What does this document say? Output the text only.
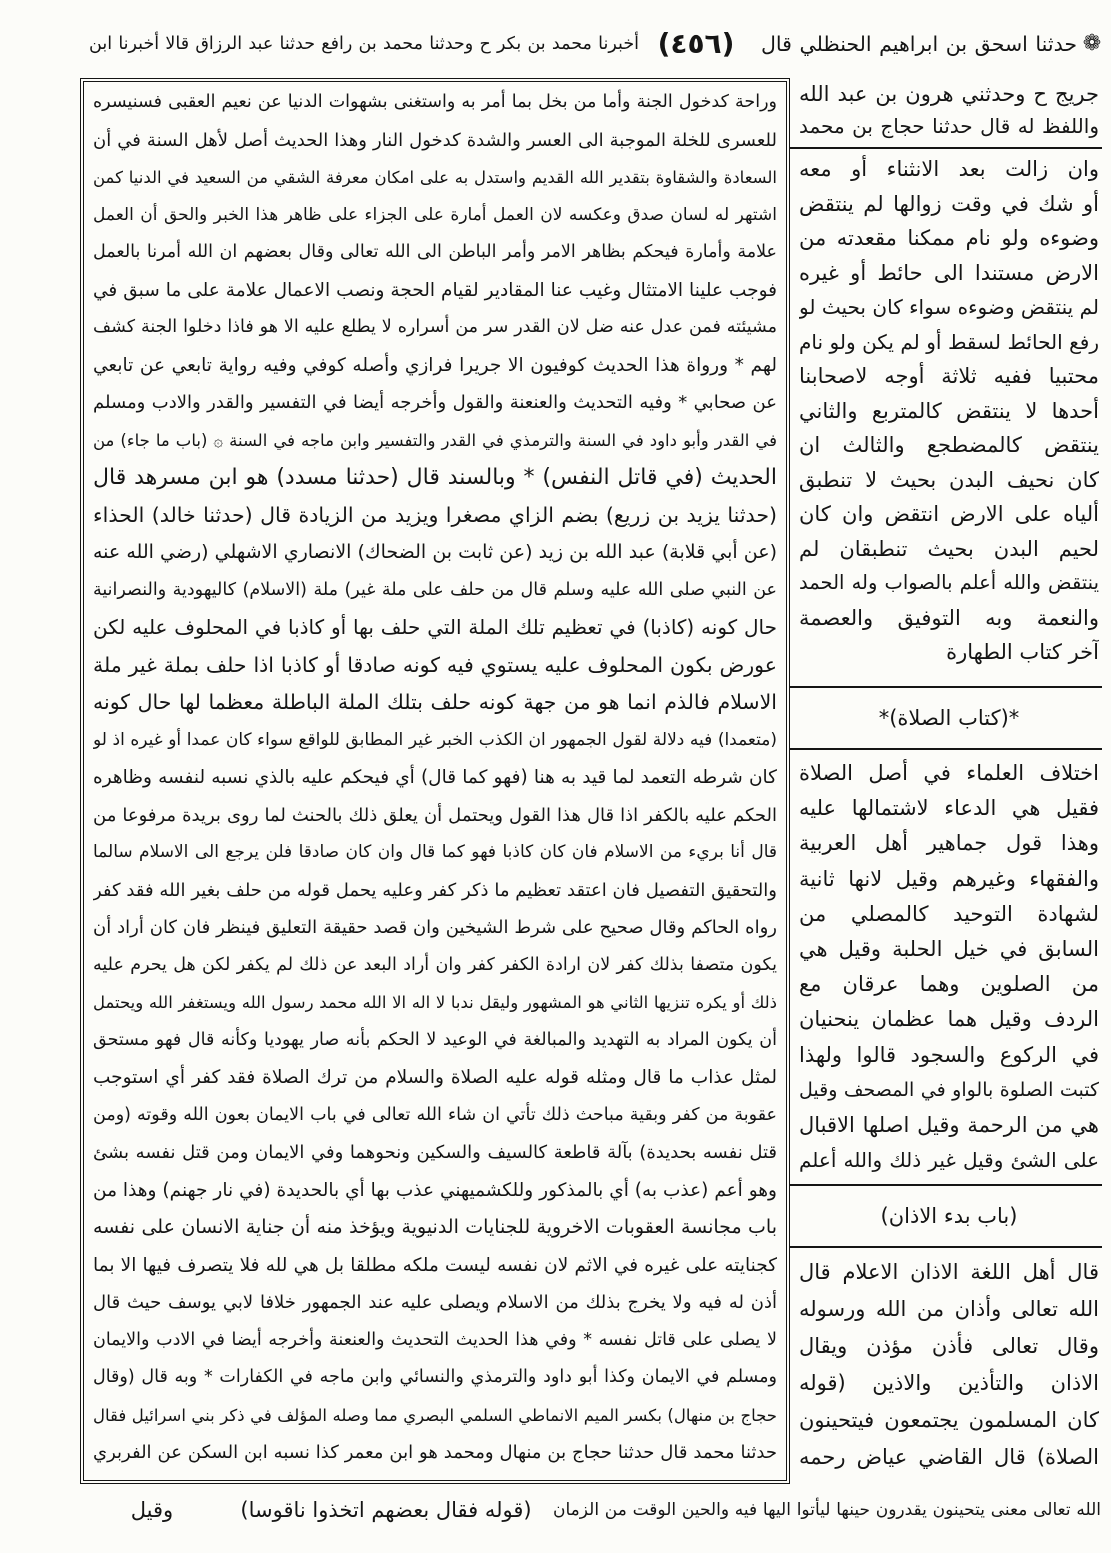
❁
حدثنا اسحق بن ابراهيم الحنظلي قال
(٤٥٦)
أخبرنا محمد بن بكر ح وحدثنا محمد بن رافع حدثنا عبد الرزاق قالا أخبرنا ابن
وراحة كدخول الجنة وأما من بخل بما أمر به واستغنى بشهوات الدنيا عن نعيم العقبى فسنيسره
للعسرى للخلة الموجبة الى العسر والشدة كدخول النار وهذا الحديث أصل لأهل السنة في أن
السعادة والشقاوة بتقدير الله القديم واستدل به على امكان معرفة الشقي من السعيد في الدنيا كمن
اشتهر له لسان صدق وعكسه لان العمل أمارة على الجزاء على ظاهر هذا الخبر والحق أن العمل
علامة وأمارة فيحكم بظاهر الامر وأمر الباطن الى الله تعالى وقال بعضهم ان الله أمرنا بالعمل
فوجب علينا الامتثال وغيب عنا المقادير لقيام الحجة ونصب الاعمال علامة على ما سبق في
مشيئته فمن عدل عنه ضل لان القدر سر من أسراره لا يطلع عليه الا هو فاذا دخلوا الجنة كشف
لهم * ورواة هذا الحديث كوفيون الا جريرا فرازي وأصله كوفي وفيه رواية تابعي عن تابعي
عن صحابي * وفيه التحديث والعنعنة والقول وأخرجه أيضا في التفسير والقدر والادب ومسلم
في القدر وأبو داود في السنة والترمذي في القدر والتفسير وابن ماجه في السنة ۞ (باب ما جاء) من
الحديث (في قاتل النفس) * وبالسند قال (حدثنا مسدد) هو ابن مسرهد قال
(حدثنا يزيد بن زريع) بضم الزاي مصغرا ويزيد من الزيادة قال (حدثنا خالد) الحذاء
(عن أبي قلابة) عبد الله بن زيد (عن ثابت بن الضحاك) الانصاري الاشهلي (رضي الله عنه
عن النبي صلى الله عليه وسلم قال من حلف على ملة غير) ملة (الاسلام) كاليهودية والنصرانية
حال كونه (كاذبا) في تعظيم تلك الملة التي حلف بها أو كاذبا في المحلوف عليه لكن
عورض بكون المحلوف عليه يستوي فيه كونه صادقا أو كاذبا اذا حلف بملة غير ملة
الاسلام فالذم انما هو من جهة كونه حلف بتلك الملة الباطلة معظما لها حال كونه
(متعمدا) فيه دلالة لقول الجمهور ان الكذب الخبر غير المطابق للواقع سواء كان عمدا أو غيره اذ لو
كان شرطه التعمد لما قيد به هنا (فهو كما قال) أي فيحكم عليه بالذي نسبه لنفسه وظاهره
الحكم عليه بالكفر اذا قال هذا القول ويحتمل أن يعلق ذلك بالحنث لما روى بريدة مرفوعا من
قال أنا بريء من الاسلام فان كان كاذبا فهو كما قال وان كان صادقا فلن يرجع الى الاسلام سالما
والتحقيق التفصيل فان اعتقد تعظيم ما ذكر كفر وعليه يحمل قوله من حلف بغير الله فقد كفر
رواه الحاكم وقال صحيح على شرط الشيخين وان قصد حقيقة التعليق فينظر فان كان أراد أن
يكون متصفا بذلك كفر لان ارادة الكفر كفر وان أراد البعد عن ذلك لم يكفر لكن هل يحرم عليه
ذلك أو يكره تنزيها الثاني هو المشهور وليقل ندبا لا اله الا الله محمد رسول الله ويستغفر الله ويحتمل
أن يكون المراد به التهديد والمبالغة في الوعيد لا الحكم بأنه صار يهوديا وكأنه قال فهو مستحق
لمثل عذاب ما قال ومثله قوله عليه الصلاة والسلام من ترك الصلاة فقد كفر أي استوجب
عقوبة من كفر وبقية مباحث ذلك تأتي ان شاء الله تعالى في باب الايمان بعون الله وقوته (ومن
قتل نفسه بحديدة) بآلة قاطعة كالسيف والسكين ونحوهما وفي الايمان ومن قتل نفسه بشئ
وهو أعم (عذب به) أي بالمذكور وللكشميهني عذب بها أي بالحديدة (في نار جهنم) وهذا من
باب مجانسة العقوبات الاخروية للجنايات الدنيوية ويؤخذ منه أن جناية الانسان على نفسه
كجنايته على غيره في الاثم لان نفسه ليست ملكه مطلقا بل هي لله فلا يتصرف فيها الا بما
أذن له فيه ولا يخرج بذلك من الاسلام ويصلى عليه عند الجمهور خلافا لابي يوسف حيث قال
لا يصلى على قاتل نفسه * وفي هذا الحديث التحديث والعنعنة وأخرجه أيضا في الادب والايمان
ومسلم في الايمان وكذا أبو داود والترمذي والنسائي وابن ماجه في الكفارات * وبه قال (وقال
حجاج بن منهال) بكسر الميم الانماطي السلمي البصري مما وصله المؤلف في ذكر بني اسرائيل فقال
حدثنا محمد قال حدثنا حجاج بن منهال ومحمد هو ابن معمر كذا نسبه ابن السكن عن الفربري
جريج ح وحدثني هرون بن عبد الله
واللفظ له قال حدثنا حجاج بن محمد
وان زالت بعد الانثناء أو معه
أو شك في وقت زوالها لم ينتقض
وضوءه ولو نام ممكنا مقعدته من
الارض مستندا الى حائط أو غيره
لم ينتقض وضوءه سواء كان بحيث لو
رفع الحائط لسقط أو لم يكن ولو نام
محتبيا ففيه ثلاثة أوجه لاصحابنا
أحدها لا ينتقض كالمتربع والثاني
ينتقض كالمضطجع والثالث ان
كان نحيف البدن بحيث لا تنطبق
ألياه على الارض انتقض وان كان
لحيم البدن بحيث تنطبقان لم
ينتقض والله أعلم بالصواب وله الحمد
والنعمة وبه التوفيق والعصمة
آخر كتاب الطهارة
*(كتاب الصلاة)*
اختلاف العلماء في أصل الصلاة
فقيل هي الدعاء لاشتمالها عليه
وهذا قول جماهير أهل العربية
والفقهاء وغيرهم وقيل لانها ثانية
لشهادة التوحيد كالمصلي من
السابق في خيل الحلبة وقيل هي
من الصلوين وهما عرقان مع
الردف وقيل هما عظمان ينحنيان
في الركوع والسجود قالوا ولهذا
كتبت الصلوة بالواو في المصحف وقيل
هي من الرحمة وقيل اصلها الاقبال
على الشئ وقيل غير ذلك والله أعلم
(باب بدء الاذان)
قال أهل اللغة الاذان الاعلام قال
الله تعالى وأذان من الله ورسوله
وقال تعالى فأذن مؤذن ويقال
الاذان والتأذين والاذين (قوله
كان المسلمون يجتمعون فيتحينون
الصلاة) قال القاضي عياض رحمه
الله تعالى معنى يتحينون يقدرون حينها ليأتوا اليها فيه والحين الوقت من الزمان
(قوله فقال بعضهم اتخذوا ناقوسا)
وقيل
